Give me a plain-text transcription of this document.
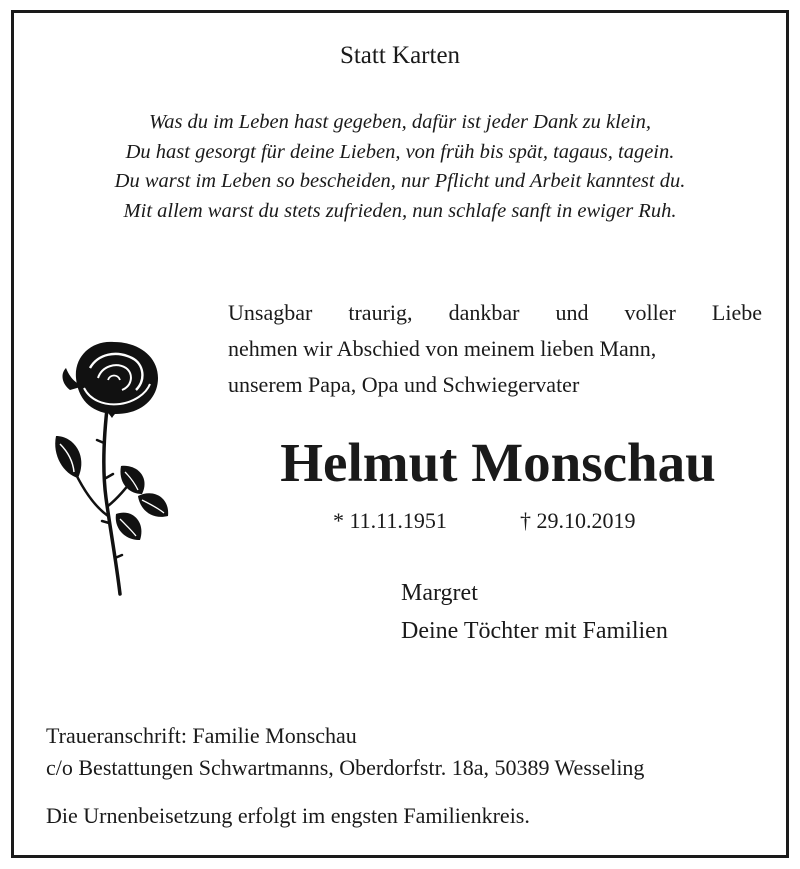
Statt Karten
Was du im Leben hast gegeben, dafür ist jeder Dank zu klein,
Du hast gesorgt für deine Lieben, von früh bis spät, tagaus, tagein.
Du warst im Leben so bescheiden, nur Pflicht und Arbeit kanntest du.
Mit allem warst du stets zufrieden, nun schlafe sanft in ewiger Ruh.
Unsagbar traurig, dankbar und voller Liebe
nehmen wir Abschied von meinem lieben Mann,
unserem Papa, Opa und Schwiegervater
Helmut Monschau
* 11.11.1951	† 29.10.2019
Margret
Deine Töchter mit Familien
Traueranschrift: Familie Monschau
c/o Bestattungen Schwartmanns, Oberdorfstr. 18a, 50389 Wesseling
Die Urnenbeisetzung erfolgt im engsten Familienkreis.
